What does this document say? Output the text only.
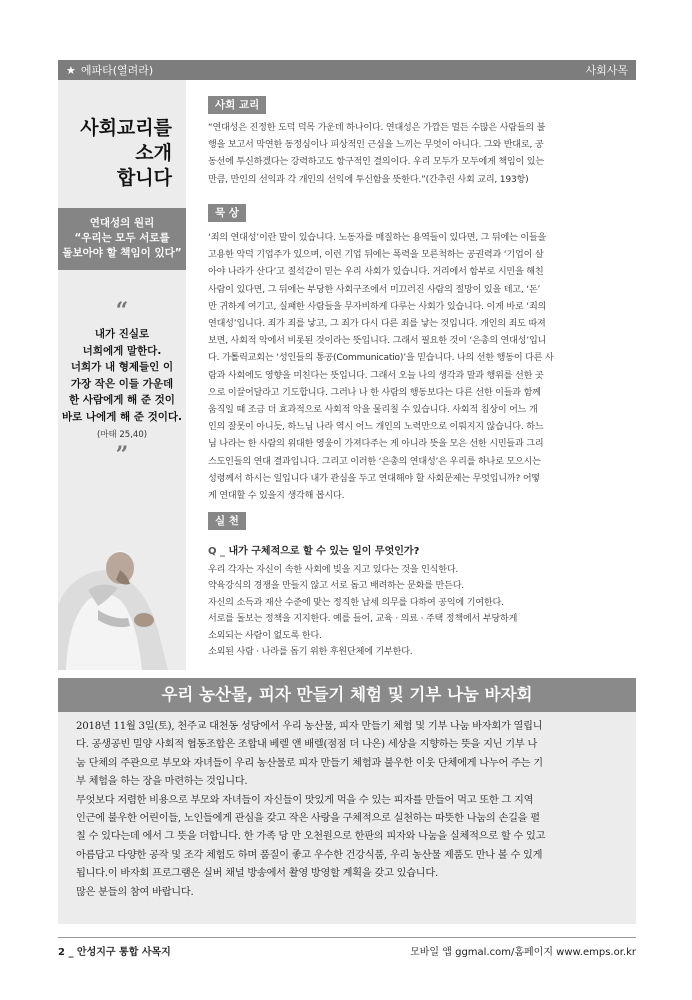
★ 에파타(열려라)	사회사목
사회교리를
소개
합니다
연대성의 원리
“우리는 모두 서로를
돌보아야 할 책임이 있다”
“
내가 진실로
너희에게 말한다.
너희가 내 형제들인 이
가장 작은 이들 가운데
한 사람에게 해 준 것이
바로 나에게 해 준 것이다.
(마태 25,40)
”
사회 교리
“연대성은 진정한 도덕 덕목 가운데 하나이다. 연대성은 가깝든 멀든 수많은 사람들의 불
행을 보고서 막연한 동정심이나 피상적인 근심을 느끼는 무엇이 아니다. 그와 반대로, 공
동선에 투신하겠다는 강력하고도 항구적인 결의이다. 우리 모두가 모두에게 책임이 있는
만큼, 만인의 선익과 각 개인의 선익에 투신함을 뜻한다.”(간추린 사회 교리, 193항)
묵 상
‘죄의 연대성’이란 말이 있습니다. 노동자를 매질하는 용역들이 있다면, 그 뒤에는 이들을
고용한 악덕 기업주가 있으며, 이런 기업 뒤에는 폭력을 모른척하는 공권력과 ‘기업이 살
아야 나라가 산다’고 절석같이 믿는 우리 사회가 있습니다. 거리에서 함부로 시민을 해친
사람이 있다면, 그 뒤에는 부당한 사회구조에서 미끄러진 사람의 절망이 있을 테고, ‘돈’
만 귀하게 여기고, 실패한 사람들을 무자비하게 다루는 사회가 있습니다. 이게 바로 ‘죄의
연대성’입니다. 죄가 죄를 낳고, 그 죄가 다시 다른 죄를 낳는 것입니다. 개인의 죄도 따져
보면, 사회적 악에서 비롯된 것이라는 뜻입니다. 그래서 필요한 것이 ‘은총의 연대성’입니
다. 가톨릭교회는 ‘성인들의 통공(Communicatio)’을 믿습니다. 나의 선한 행동이 다른 사
람과 사회에도 영향을 미친다는 뜻입니다. 그래서 오늘 나의 생각과 말과 행위를 선한 곳
으로 이끌어달라고 기도합니다. 그러나 나 한 사람의 행동보다는 다른 선한 이들과 함께
움직일 때 조금 더 효과적으로 사회적 악을 물리칠 수 있습니다. 사회적 침상이 어느 개
인의 잘못이 아니듯, 하느님 나라 역시 어느 개인의 노력만으로 이뤄지지 않습니다. 하느
님 나라는 한 사람의 위대한 영웅이 가져다주는 게 아니라 뜻을 모은 선한 시민들과 그리
스도인들의 연대 결과입니다. 그리고 이러한 ‘은총의 연대성’은 우리를 하나로 모으시는
성령께서 하시는 일입니다 내가 관심을 두고 연대해야 할 사회문제는 무엇입니까? 어떻
게 연대할 수 있을지 생각해 봅시다.
실 천
Q _ 내가 구체적으로 할 수 있는 일이 무엇인가?
우리 각자는 자신이 속한 사회에 빚을 지고 있다는 것을 인식한다.
약육강식의 경쟁을 만들지 않고 서로 돕고 배려하는 문화를 만든다.
자신의 소득과 재산 수준에 맞는 정직한 납세 의무를 다하여 공익에 기여한다.
서로를 돌보는 정책을 지지한다. 예를 들어, 교육 · 의료 · 주택 정책에서 부당하게
소외되는 사람이 없도록 한다.
소외된 사람 · 나라를 돕기 위한 후원단체에 기부한다.
우리 농산물, 피자 만들기 체험 및 기부 나눔 바자회

2018년 11월 3일(토), 천주교 대천동 성당에서 우리 농산물, 피자 만들기 체험 및 기부 나눔 바자회가 열립니
다. 공생공빈 밀양 사회적 협동조합은 조합내 베렐 앤 배렐(점점 더 나은) 세상을 지향하는 뜻을 지닌 기부 나
눔 단체의 주관으로 부모와 자녀들이 우리 농산물로 피자 만들기 체험과 불우한 이웃 단체에게 나누어 주는 기
부 체험을 하는 장을 마련하는 것입니다.

무엇보다 저렴한 비용으로 부모와 자녀들이 자신들이 맛있게 먹을 수 있는 피자를 만들어 먹고 또한 그 지역
인근에 불우한 어린이들, 노인들에게 관심을 갖고 작은 사랑을 구체적으로 실천하는 따뜻한 나눔의 손길을 펼
칠 수 있다는데 에서 그 뜻을 더합니다. 한 가족 당 만 오천원으로 한판의 피자와 나눔을 실체적으로 할 수 있고
아름답고 다양한 공작 및 조각 체험도 하며 품질이 좋고 우수한 건강식품, 우리 농산물 제품도 만나 볼 수 있게
됩니다.이 바자회 프로그램은 실버 채널 방송에서 촬영 방영할 계획을 갖고 있습니다.

많은 분들의 참여 바랍니다.

2 _ 안성지구 통합 사목지	모바일 앱 ggmal.com/홈페이지 www.emps.or.kr
